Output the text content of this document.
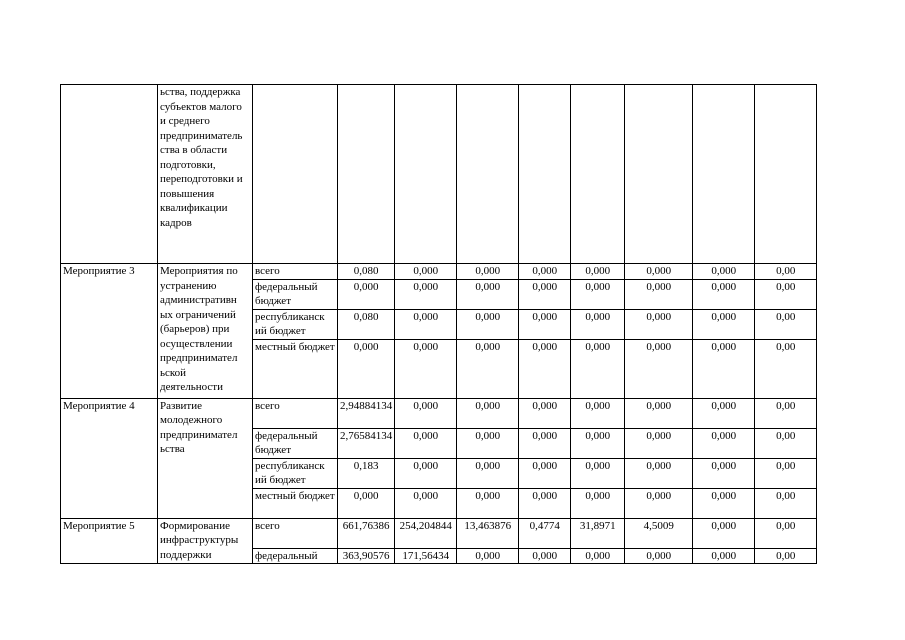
	ьства, поддержка субъектов малого и среднего предприниматель ства в области подготовки, переподготовки и повышения квалификации кадров									
Мероприятие 3	Мероприятия по устранению административн ых ограничений (барьеров) при осуществлении предпринимател ьской деятельности	всего	0,080	0,000	0,000	0,000	0,000	0,000	0,000	0,00
		федеральный бюджет	0,000	0,000	0,000	0,000	0,000	0,000	0,000	0,00
		республиканск ий бюджет	0,080	0,000	0,000	0,000	0,000	0,000	0,000	0,00
		местный бюджет	0,000	0,000	0,000	0,000	0,000	0,000	0,000	0,00
Мероприятие 4	Развитие молодежного предпринимател ьства	всего	2,94884134	0,000	0,000	0,000	0,000	0,000	0,000	0,00
		федеральный бюджет	2,76584134	0,000	0,000	0,000	0,000	0,000	0,000	0,00
		республиканск ий бюджет	0,183	0,000	0,000	0,000	0,000	0,000	0,000	0,00
		местный бюджет	0,000	0,000	0,000	0,000	0,000	0,000	0,000	0,00
Мероприятие 5	Формирование инфраструктуры поддержки	всего	661,76386	254,204844	13,463876	0,4774	31,8971	4,5009	0,000	0,00
		федеральный	363,90576	171,56434	0,000	0,000	0,000	0,000	0,000	0,00
